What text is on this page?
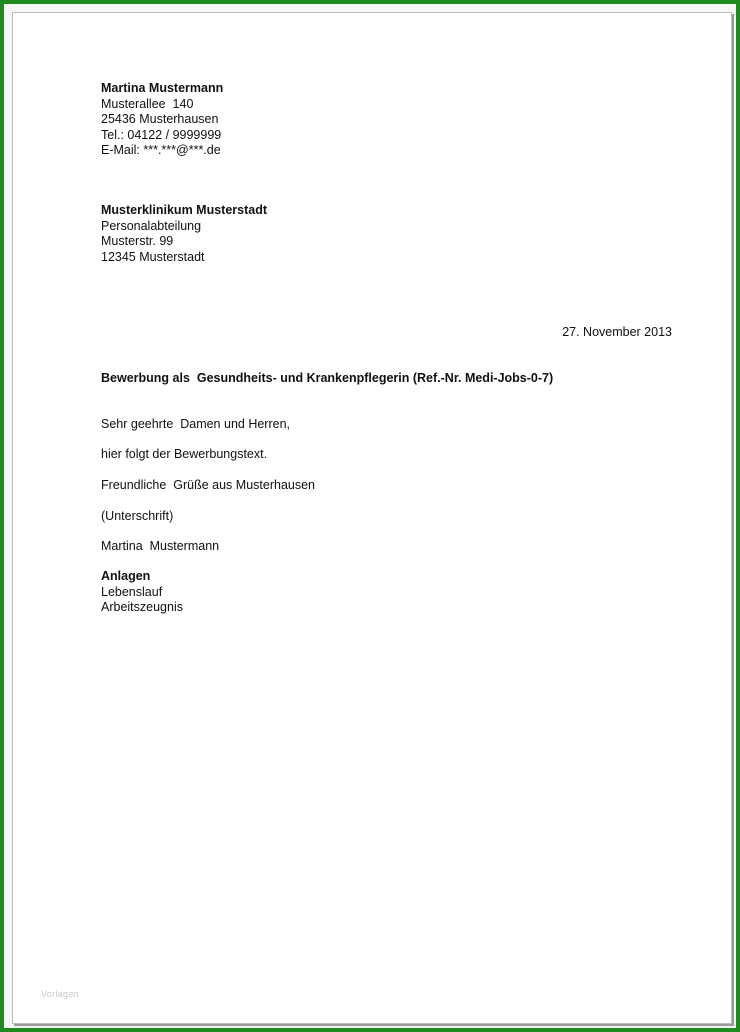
Martina Mustermann
Musterallee  140
25436 Musterhausen
Tel.: 04122 / 9999999
E-Mail: ***.***@***.de
Musterklinikum Musterstadt
Personalabteilung
Musterstr. 99
12345 Musterstadt
27. November 2013
Bewerbung als  Gesundheits- und Krankenpflegerin (Ref.-Nr. Medi-Jobs-0-7)
Sehr geehrte  Damen und Herren,
hier folgt der Bewerbungstext.
Freundliche  Grüße aus Musterhausen
(Unterschrift)
Martina  Mustermann
Anlagen
Lebenslauf
Arbeitszeugnis
Vorlagen
